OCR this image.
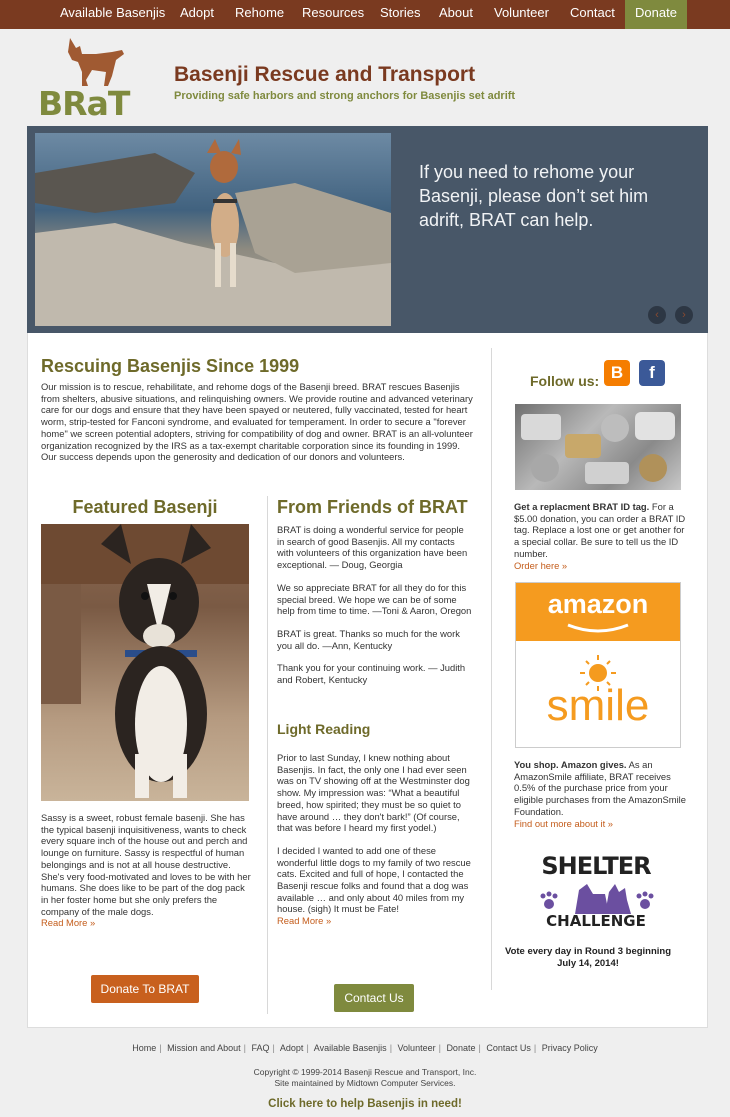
Available Basenjis Adopt Rehome Resources Stories About Volunteer Contact	Donate
BRaT
Basenji Rescue and Transport
Providing safe harbors and strong anchors for Basenjis set adrift
If you need to rehome your Basenji, please don’t set him adrift, BRAT can help.
‹	›
Rescuing Basenjis Since 1999
Our mission is to rescue, rehabilitate, and rehome dogs of the Basenji breed. BRAT rescues Basenjis from shelters, abusive situations, and relinquishing owners. We provide routine and advanced veterinary care for our dogs and ensure that they have been spayed or neutered, fully vaccinated, tested for heart worm, strip-tested for Fanconi syndrome, and evaluated for temperament. In order to secure a "forever home" we screen potential adopters, striving for compatibility of dog and owner. BRAT is an all-volunteer organization recognized by the IRS as a tax-exempt charitable corporation since its founding in 1999. Our success depends upon the generosity and dedication of our donors and volunteers.
Featured Basenji
Sassy is a sweet, robust female basenji. She has the typical basenji inquisitiveness, wants to check every square inch of the house out and perch and lounge on furniture. Sassy is respectful of human belongings and is not at all house destructive. She's very food-motivated and loves to be with her humans. She does like to be part of the dog pack in her foster home but she only prefers the company of the male dogs.
Read More »
Donate To BRAT
From Friends of BRAT

BRAT is doing a wonderful service for people in search of good Basenjis. All my contacts with volunteers of this organization have been exceptional. — Doug, Georgia

We so appreciate BRAT for all they do for this special breed. We hope we can be of some help from time to time. —Toni & Aaron, Oregon

BRAT is great. Thanks so much for the work you all do. —Ann, Kentucky

Thank you for your continuing work. — Judith and Robert, Kentucky

Light Reading

Prior to last Sunday, I knew nothing about Basenjis. In fact, the only one I had ever seen was on TV showing off at the Westminster dog show. My impression was: “What a beautiful breed, how spirited; they must be so quiet to have around … they don't bark!” (Of course, that was before I heard my first yodel.)

I decided I wanted to add one of these wonderful little dogs to my family of two rescue cats. Excited and full of hope, I contacted the Basenji rescue folks and found that a dog was available … and only about 40 miles from my house. (sigh) It must be Fate!

Read More »
Contact Us
Follow us: B	f
Get a replacment BRAT ID tag. For a $5.00 donation, you can order a BRAT ID tag. Replace a lost one or get another for a special collar. Be sure to tell us the ID number.
Order here »
amazon
smile
You shop. Amazon gives. As an AmazonSmile affiliate, BRAT receives 0.5% of the purchase price from your eligible purchases from the AmazonSmile Foundation.
Find out more about it »
SHELTER
CHALLENGE
Vote every day in Round 3 beginning July 14, 2014!
Home | Mission and About | FAQ | Adopt | Available Basenjis | Volunteer | Donate | Contact Us | Privacy Policy
Copyright © 1999-2014 Basenji Rescue and Transport, Inc.
Site maintained by Midtown Computer Services.
Click here to help Basenjis in need!
